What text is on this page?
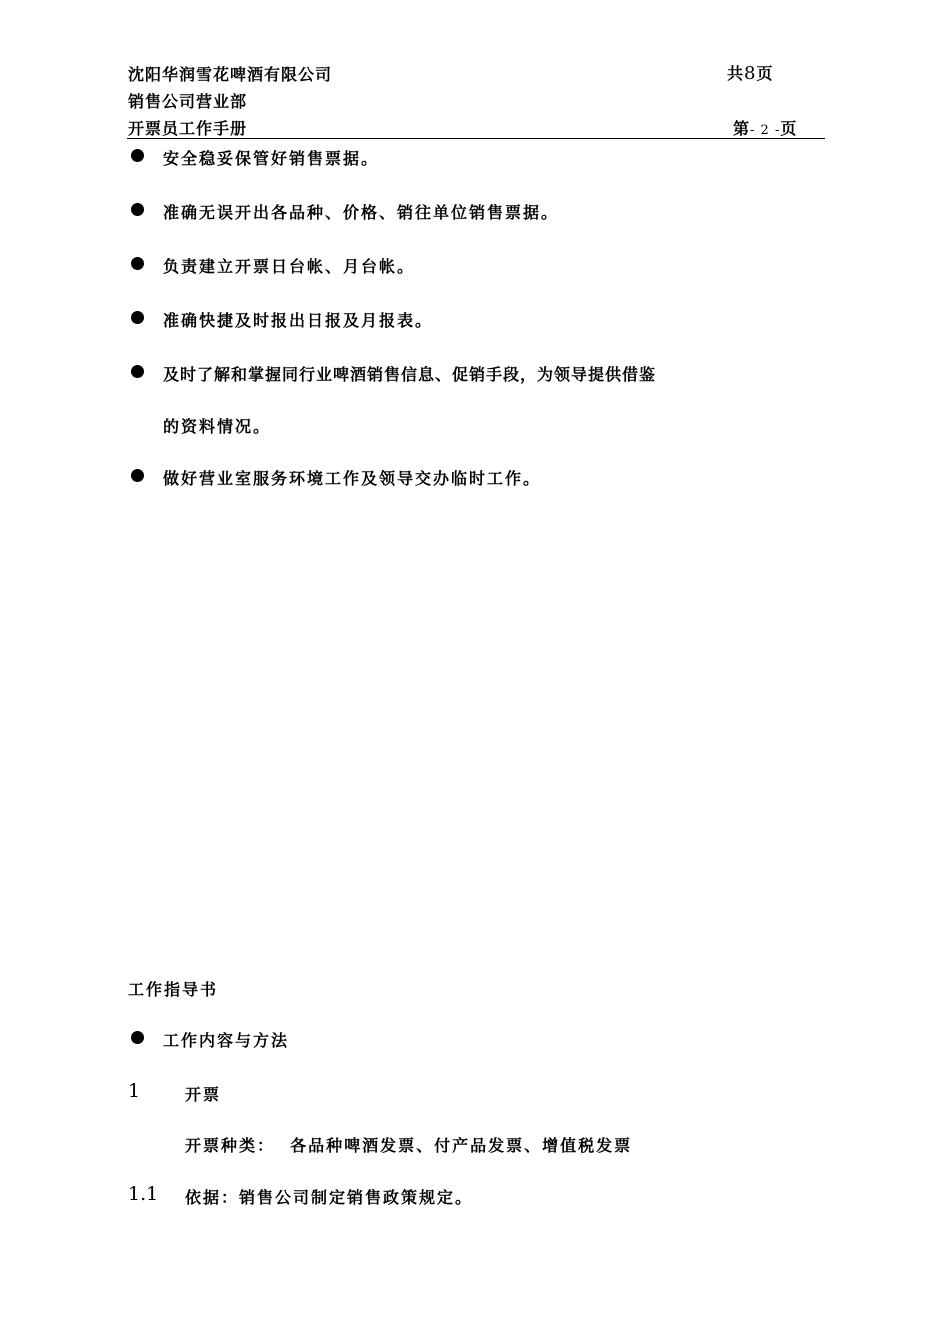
沈阳华润雪花啤酒有限公司	共8页
销售公司营业部
开票员工作手册	第- 2 -页
安全稳妥保管好销售票据。
准确无误开出各品种、价格、销往单位销售票据。
负责建立开票日台帐、月台帐。
准确快捷及时报出日报及月报表。
及时了解和掌握同行业啤酒销售信息、促销手段，为领导提供借鉴
的资料情况。
做好营业室服务环境工作及领导交办临时工作。
工作指导书
工作内容与方法
1	开票
开票种类：  各品种啤酒发票、付产品发票、增值税发票
1.1 依据：销售公司制定销售政策规定。
